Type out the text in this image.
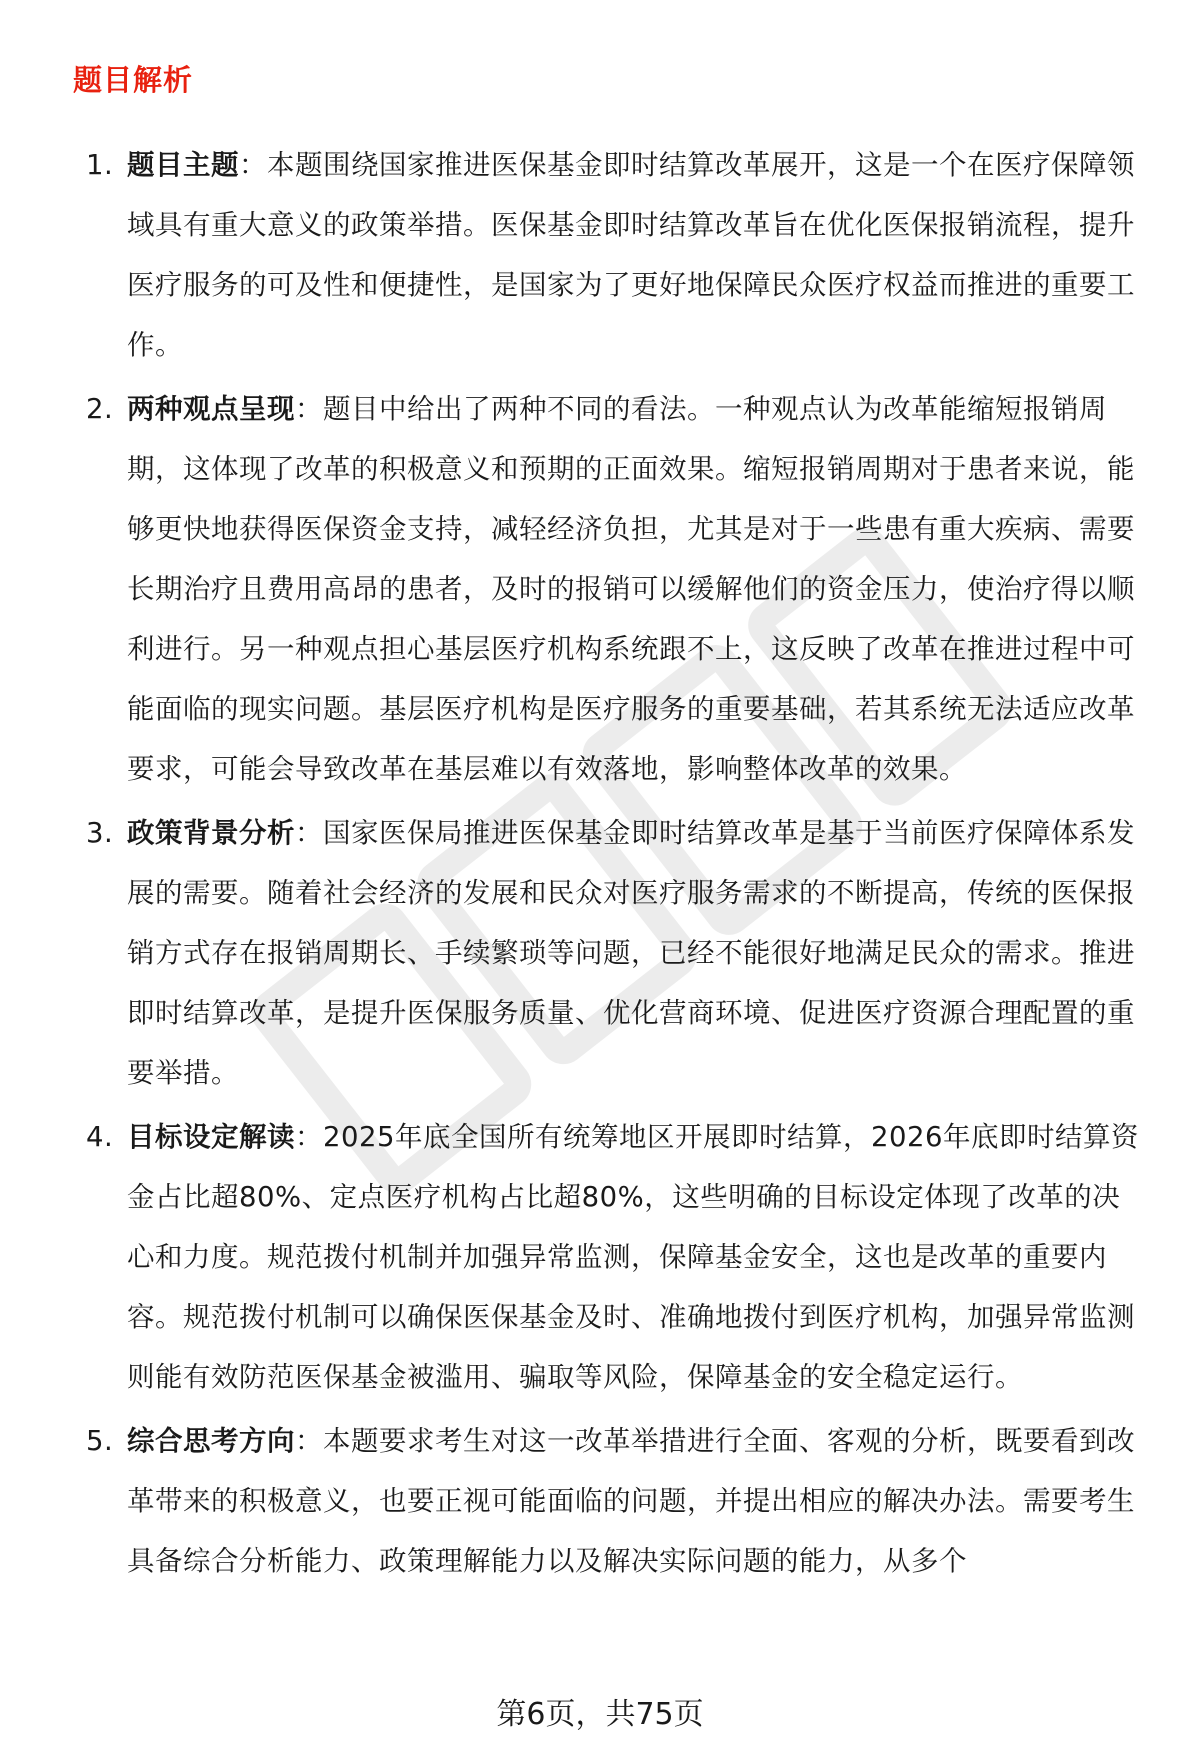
题目解析
1. 题目主题：本题围绕国家推进医保基金即时结算改革展开，这是一个在医疗保障领域具有重大意义的政策举措。医保基金即时结算改革旨在优化医保报销流程，提升医疗服务的可及性和便捷性，是国家为了更好地保障民众医疗权益而推进的重要工作。
2. 两种观点呈现：题目中给出了两种不同的看法。一种观点认为改革能缩短报销周期，这体现了改革的积极意义和预期的正面效果。缩短报销周期对于患者来说，能够更快地获得医保资金支持，减轻经济负担，尤其是对于一些患有重大疾病、需要长期治疗且费用高昂的患者，及时的报销可以缓解他们的资金压力，使治疗得以顺利进行。另一种观点担心基层医疗机构系统跟不上，这反映了改革在推进过程中可能面临的现实问题。基层医疗机构是医疗服务的重要基础，若其系统无法适应改革要求，可能会导致改革在基层难以有效落地，影响整体改革的效果。
3. 政策背景分析：国家医保局推进医保基金即时结算改革是基于当前医疗保障体系发展的需要。随着社会经济的发展和民众对医疗服务需求的不断提高，传统的医保报销方式存在报销周期长、手续繁琐等问题，已经不能很好地满足民众的需求。推进即时结算改革，是提升医保服务质量、优化营商环境、促进医疗资源合理配置的重要举措。
4. 目标设定解读：2025年底全国所有统筹地区开展即时结算，2026年底即时结算资金占比超80%、定点医疗机构占比超80%，这些明确的目标设定体现了改革的决心和力度。规范拨付机制并加强异常监测，保障基金安全，这也是改革的重要内容。规范拨付机制可以确保医保基金及时、准确地拨付到医疗机构，加强异常监测则能有效防范医保基金被滥用、骗取等风险，保障基金的安全稳定运行。
5. 综合思考方向：本题要求考生对这一改革举措进行全面、客观的分析，既要看到改革带来的积极意义，也要正视可能面临的问题，并提出相应的解决办法。需要考生具备综合分析能力、政策理解能力以及解决实际问题的能力，从多个
第6页，共75页
